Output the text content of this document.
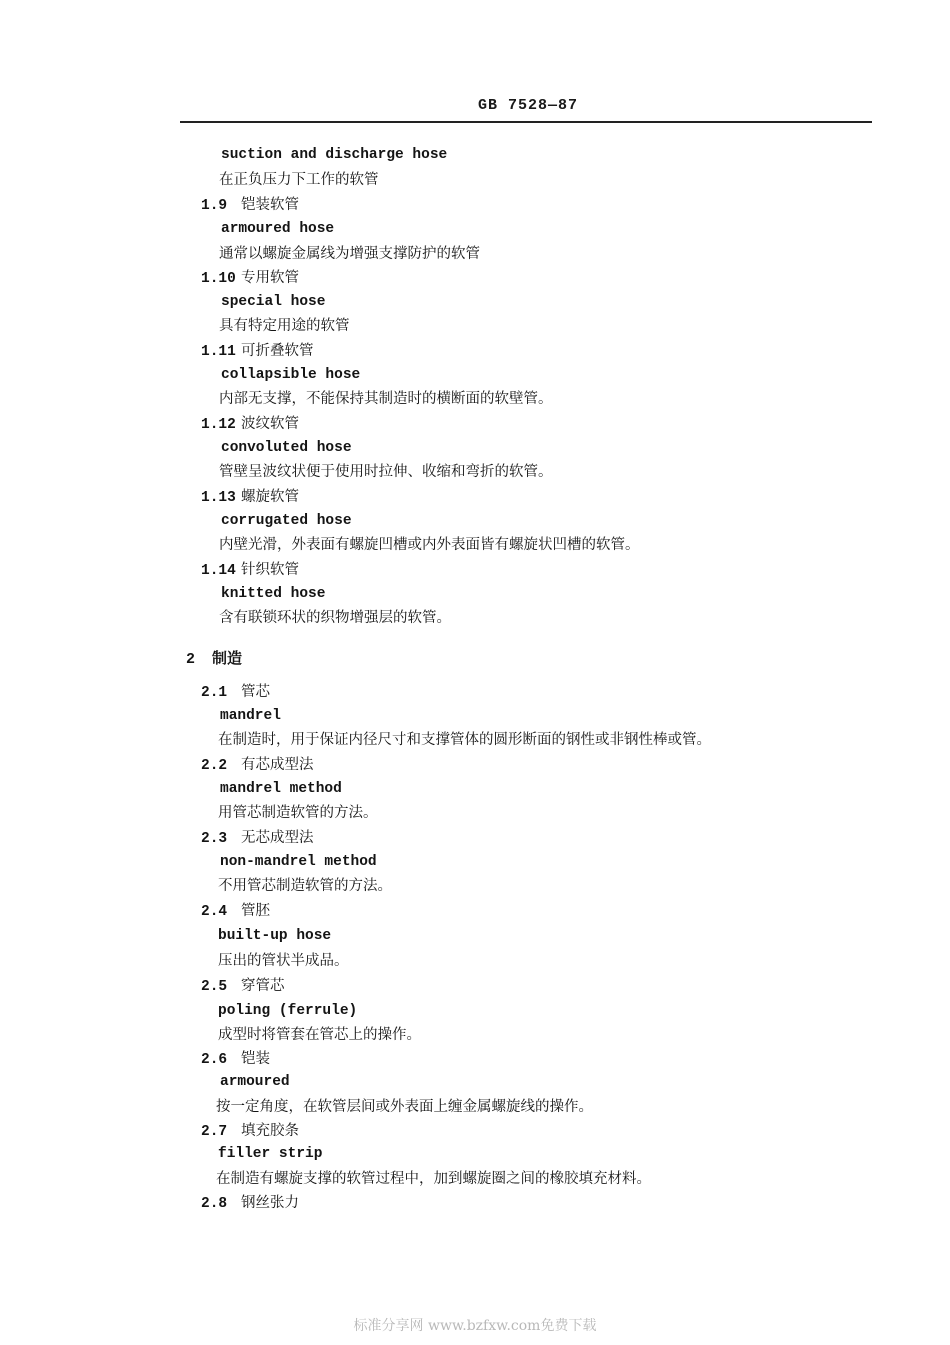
GB 7528—87
suction and discharge hose
在正负压力下工作的软管
1.9 铠装软管
armoured hose
通常以螺旋金属线为增强支撑防护的软管
1.10 专用软管
special hose
具有特定用途的软管
1.11 可折叠软管
collapsible hose
内部无支撑，不能保持其制造时的横断面的软壁管。
1.12 波纹软管
convoluted hose
管壁呈波纹状便于使用时拉伸、收缩和弯折的软管。
1.13 螺旋软管
corrugated hose
内壁光滑，外表面有螺旋凹槽或内外表面皆有螺旋状凹槽的软管。
1.14 针织软管
knitted hose
含有联锁环状的织物增强层的软管。
2 制造
2.1 管芯
mandrel
在制造时，用于保证内径尺寸和支撑管体的圆形断面的钢性或非钢性棒或管。
2.2 有芯成型法
mandrel method
用管芯制造软管的方法。
2.3 无芯成型法
non-mandrel method
不用管芯制造软管的方法。
2.4 管胚
built-up hose
压出的管状半成品。
2.5 穿管芯
poling (ferrule)
成型时将管套在管芯上的操作。
2.6 铠装
armoured
按一定角度，在软管层间或外表面上缠金属螺旋线的操作。
2.7 填充胶条
filler strip
在制造有螺旋支撑的软管过程中，加到螺旋圈之间的橡胶填充材料。
2.8 钢丝张力
标准分享网 www.bzfxw.com免费下载
